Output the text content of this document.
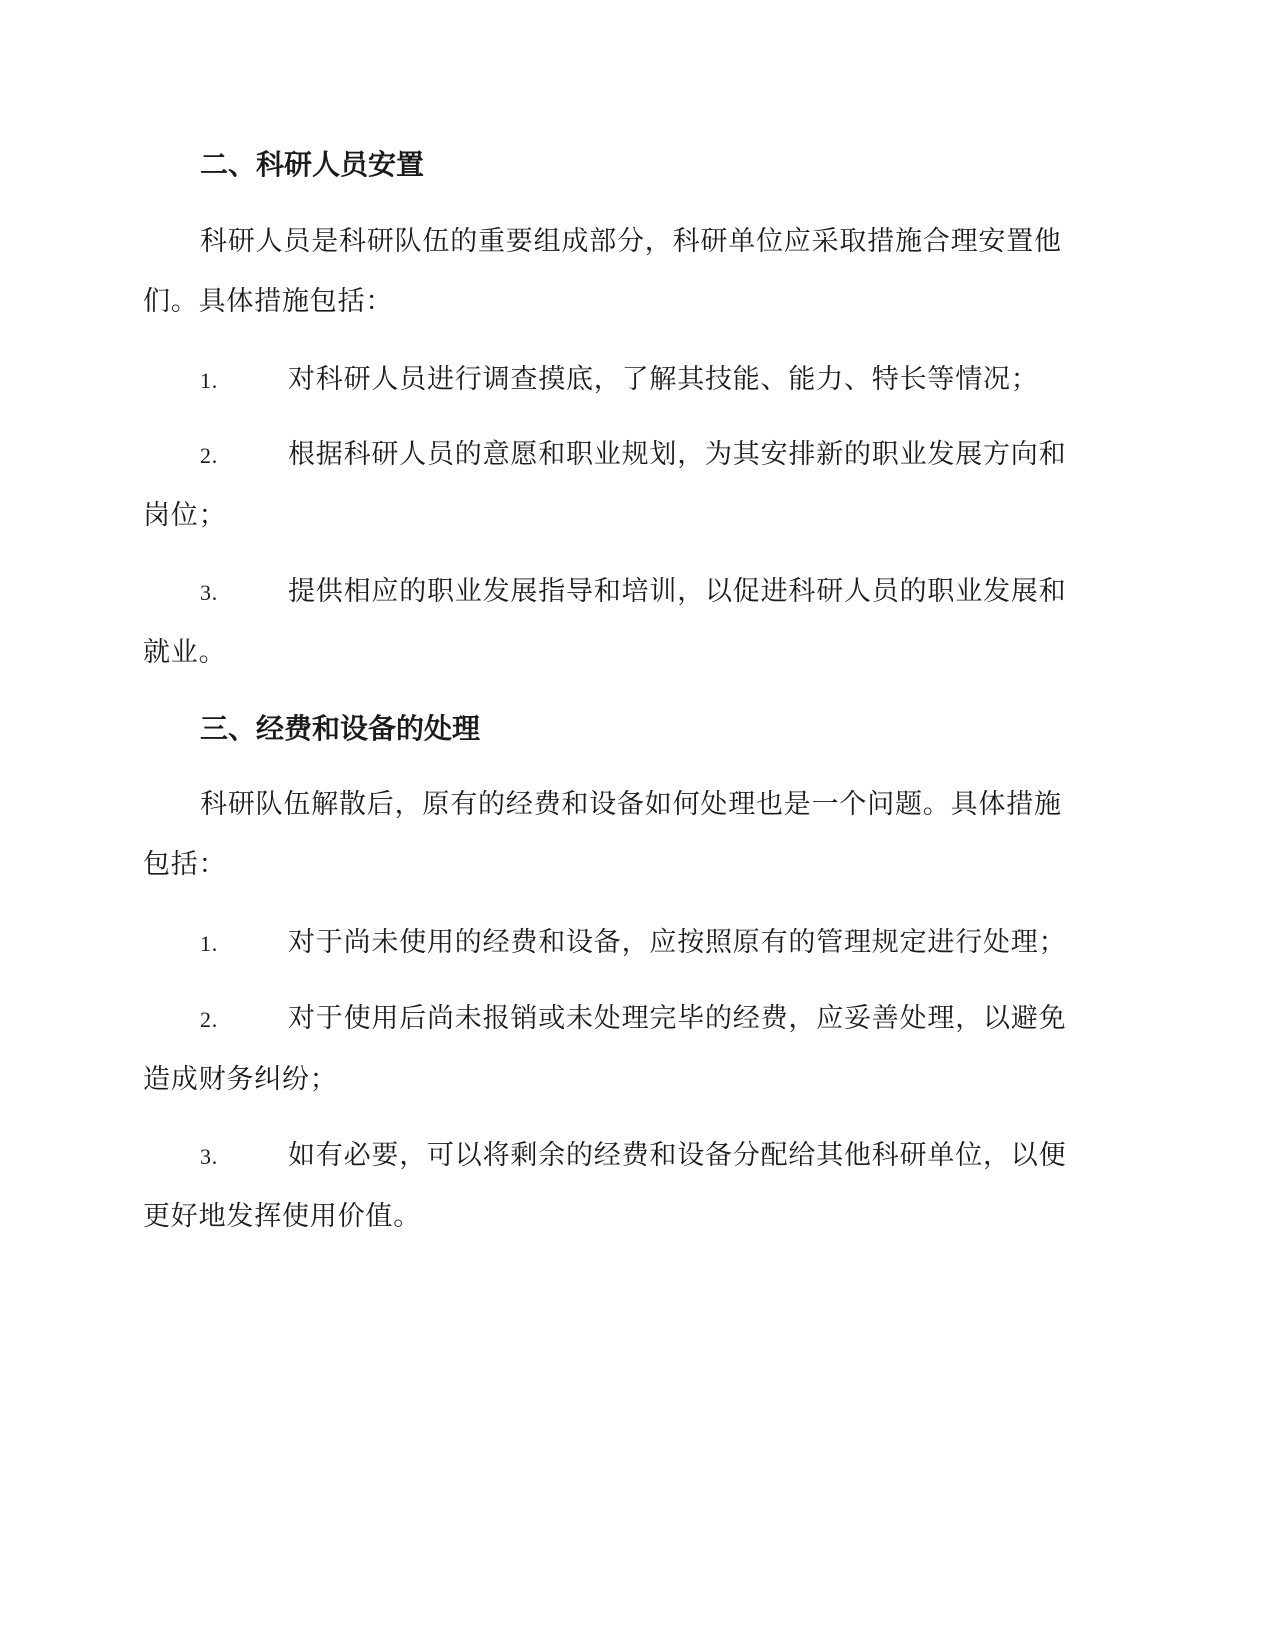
二、科研人员安置
科研人员是科研队伍的重要组成部分，科研单位应采取措施合理安置他们。具体措施包括：
1.	对科研人员进行调查摸底，了解其技能、能力、特长等情况；
2.	根据科研人员的意愿和职业规划，为其安排新的职业发展方向和岗位；
3.	提供相应的职业发展指导和培训，以促进科研人员的职业发展和就业。
三、经费和设备的处理
科研队伍解散后，原有的经费和设备如何处理也是一个问题。具体措施包括：
1.	对于尚未使用的经费和设备，应按照原有的管理规定进行处理；
2.	对于使用后尚未报销或未处理完毕的经费，应妥善处理，以避免造成财务纠纷；
3.	如有必要，可以将剩余的经费和设备分配给其他科研单位，以便更好地发挥使用价值。
